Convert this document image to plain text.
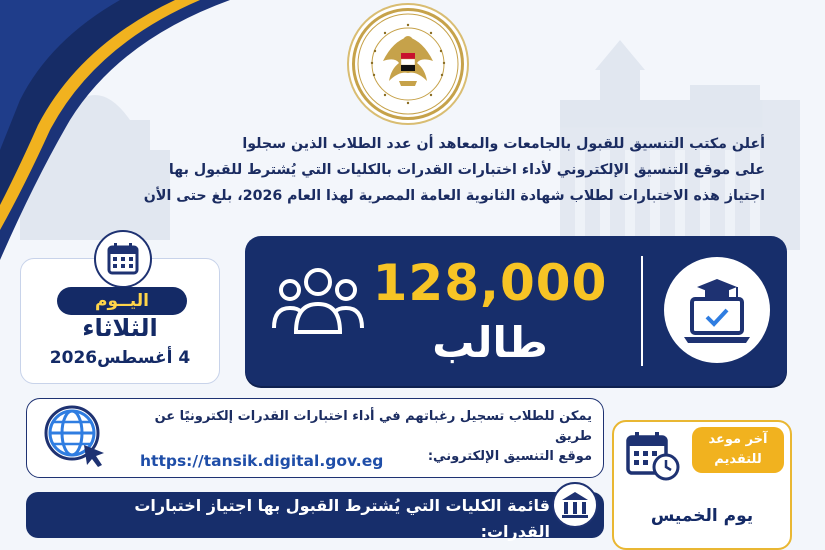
أعلن مكتب التنسيق للقبول بالجامعات والمعاهد أن عدد الطلاب الذين سجلوا
على موقع التنسيق الإلكتروني لأداء اختبارات القدرات بالكليات التي يُشترط للقبول بها
اجتياز هذه الاختبارات لطلاب شهادة الثانوية العامة المصرية لهذا العام 2026، بلغ حتى الأن
اليــوم
الثلاثاء
4 أغسطس2026
128,000
طالب
يمكن للطلاب تسجيل رغباتهم في أداء اختبارات القدرات إلكترونيًا عن طريق
موقع التنسيق الإلكتروني:
https://tansik.digital.gov.eg
آخر موعد
للتقديم
يوم الخميس
قائمة الكليات التي يُشترط القبول بها اجتياز اختبارات القدرات:
